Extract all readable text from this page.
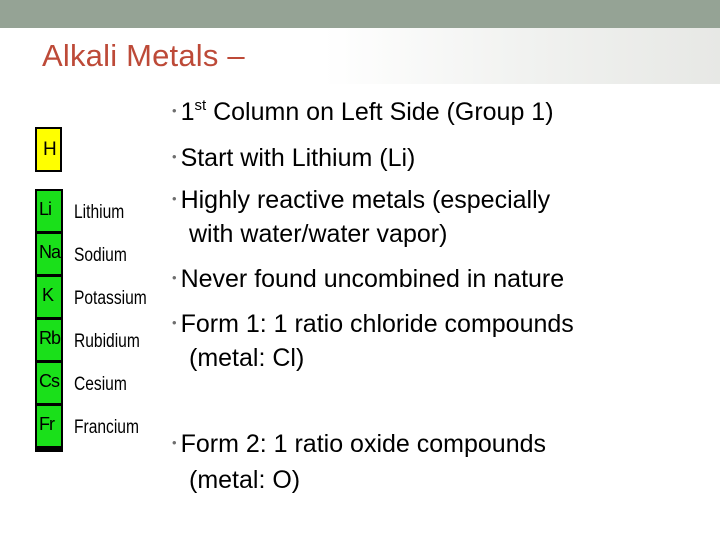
Alkali Metals –
H
Li
Na
K
Rb
Cs
Fr
Lithium
Sodium
Potassium
Rubidium
Cesium
Francium

• 1st Column on Left Side (Group 1)

• Start with Lithium (Li)

• Highly reactive metals (especially

with water/water vapor)

• Never found uncombined in nature

• Form 1: 1 ratio chloride compounds

(metal: Cl)

• Form 2: 1 ratio oxide compounds

(metal: O)
